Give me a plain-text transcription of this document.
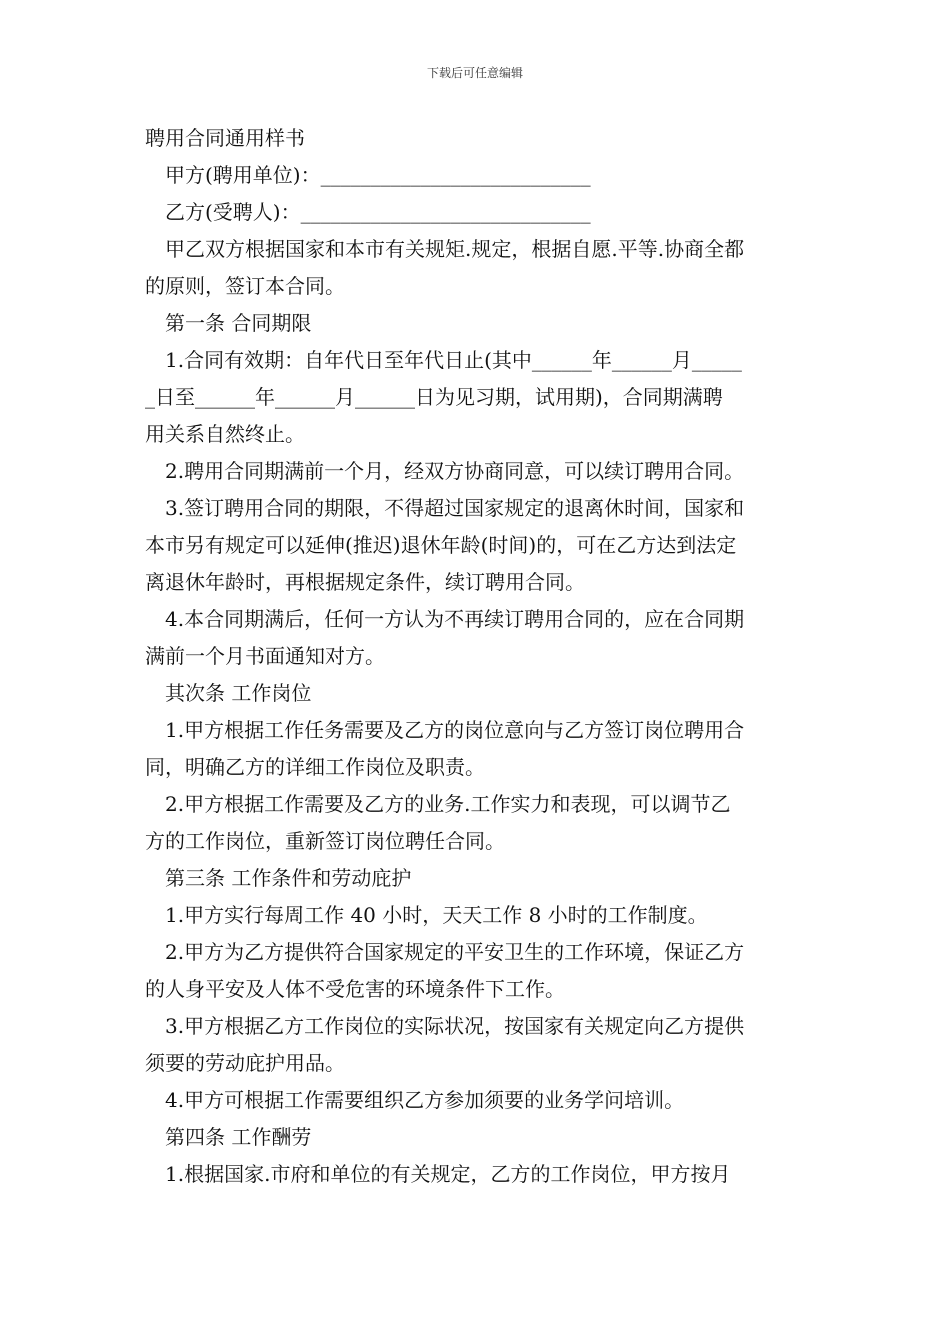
下载后可任意编辑
聘用合同通用样书
甲方(聘用单位)：___________________________
乙方(受聘人)：_____________________________
甲乙双方根据国家和本市有关规矩.规定，根据自愿.平等.协商全都
的原则，签订本合同。
第一条 合同期限
1.合同有效期：自年代日至年代日止(其中______年______月_____
_日至______年______月______日为见习期，试用期)，合同期满聘
用关系自然终止。
2.聘用合同期满前一个月，经双方协商同意，可以续订聘用合同。
3.签订聘用合同的期限，不得超过国家规定的退离休时间，国家和
本市另有规定可以延伸(推迟)退休年龄(时间)的，可在乙方达到法定
离退休年龄时，再根据规定条件，续订聘用合同。
4.本合同期满后，任何一方认为不再续订聘用合同的，应在合同期
满前一个月书面通知对方。
其次条 工作岗位
1.甲方根据工作任务需要及乙方的岗位意向与乙方签订岗位聘用合
同，明确乙方的详细工作岗位及职责。
2.甲方根据工作需要及乙方的业务.工作实力和表现，可以调节乙
方的工作岗位，重新签订岗位聘任合同。
第三条 工作条件和劳动庇护
1.甲方实行每周工作 40 小时，天天工作 8 小时的工作制度。
2.甲方为乙方提供符合国家规定的平安卫生的工作环境，保证乙方
的人身平安及人体不受危害的环境条件下工作。
3.甲方根据乙方工作岗位的实际状况，按国家有关规定向乙方提供
须要的劳动庇护用品。
4.甲方可根据工作需要组织乙方参加须要的业务学问培训。
第四条 工作酬劳
1.根据国家.市府和单位的有关规定，乙方的工作岗位，甲方按月
